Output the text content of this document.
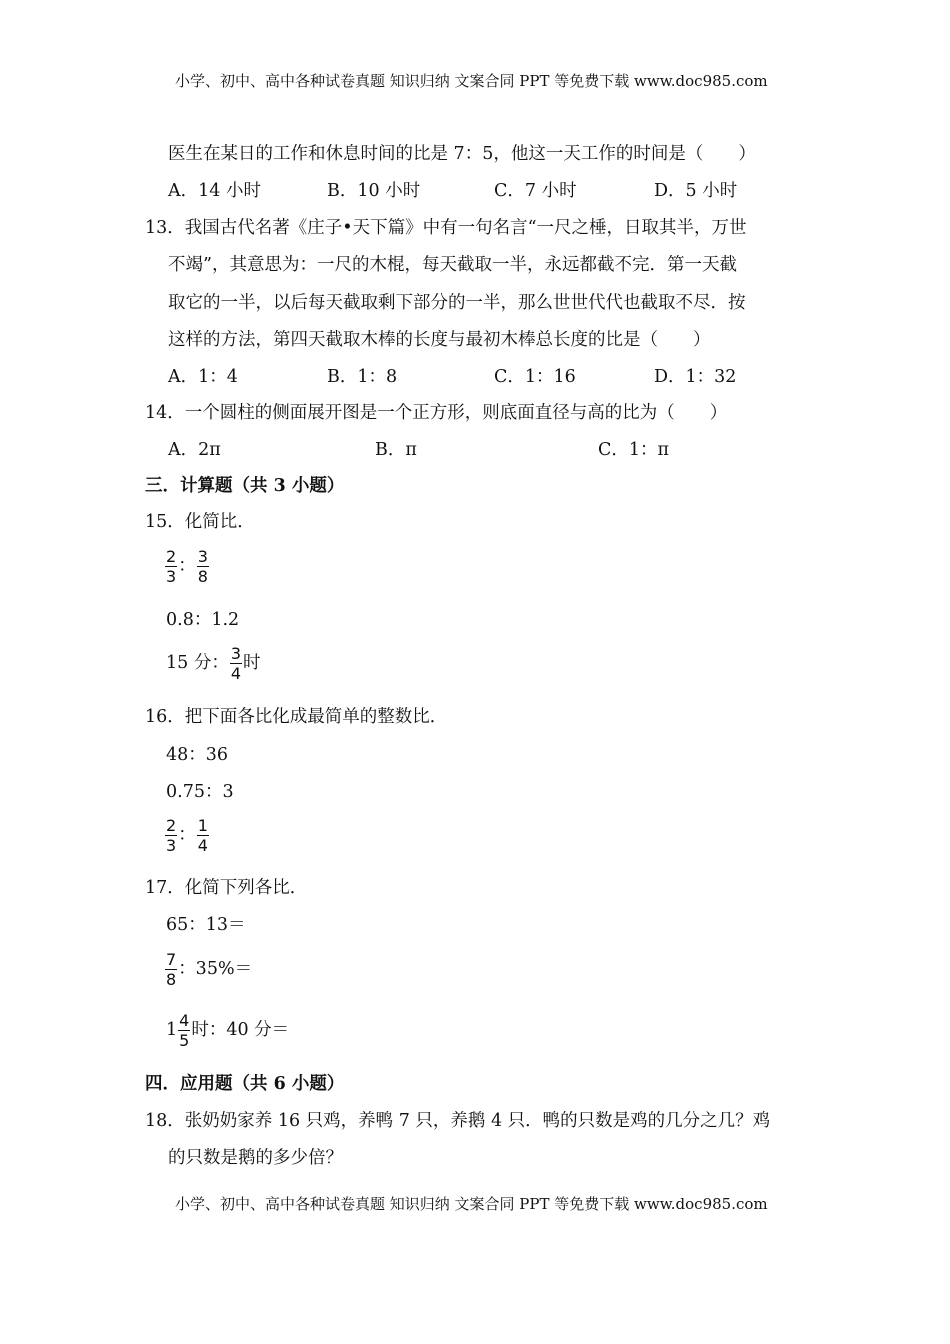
小学、初中、高中各种试卷真题 知识归纳 文案合同 PPT 等免费下载 www.doc985.com
医生在某日的工作和休息时间的比是 7：5，他这一天工作的时间是（　　）
A．14 小时	B．10 小时	C．7 小时	D．5 小时
13．我国古代名著《庄子•天下篇》中有一句名言“一尺之棰，日取其半，万世
不竭”，其意思为：一尺的木棍，每天截取一半，永远都截不完．第一天截
取它的一半，以后每天截取剩下部分的一半，那么世世代代也截取不尽．按
这样的方法，第四天截取木棒的长度与最初木棒总长度的比是（　　）
A．1：4	B．1：8	C．1：16	D．1：32
14．一个圆柱的侧面展开图是一个正方形，则底面直径与高的比为（　　）
A．2π	B．π	C．1：π
三．计算题（共 3 小题）
15．化简比．
$\frac{2}{3}$ ： $\frac{3}{8}$
0.8：1.2
15 分： $\frac{3}{4}$ 时
16．把下面各比化成最简单的整数比．
48：36
0.75：3
$\frac{2}{3}$ ： $\frac{1}{4}$
17．化简下列各比．
65：13＝
$\frac{7}{8}$ ：35%＝
$1 \frac{4}{5}$ 时：40 分＝
四．应用题（共 6 小题）
18．张奶奶家养 16 只鸡，养鸭 7 只，养鹅 4 只．鸭的只数是鸡的几分之几？鸡
的只数是鹅的多少倍？
小学、初中、高中各种试卷真题 知识归纳 文案合同 PPT 等免费下载 www.doc985.com
